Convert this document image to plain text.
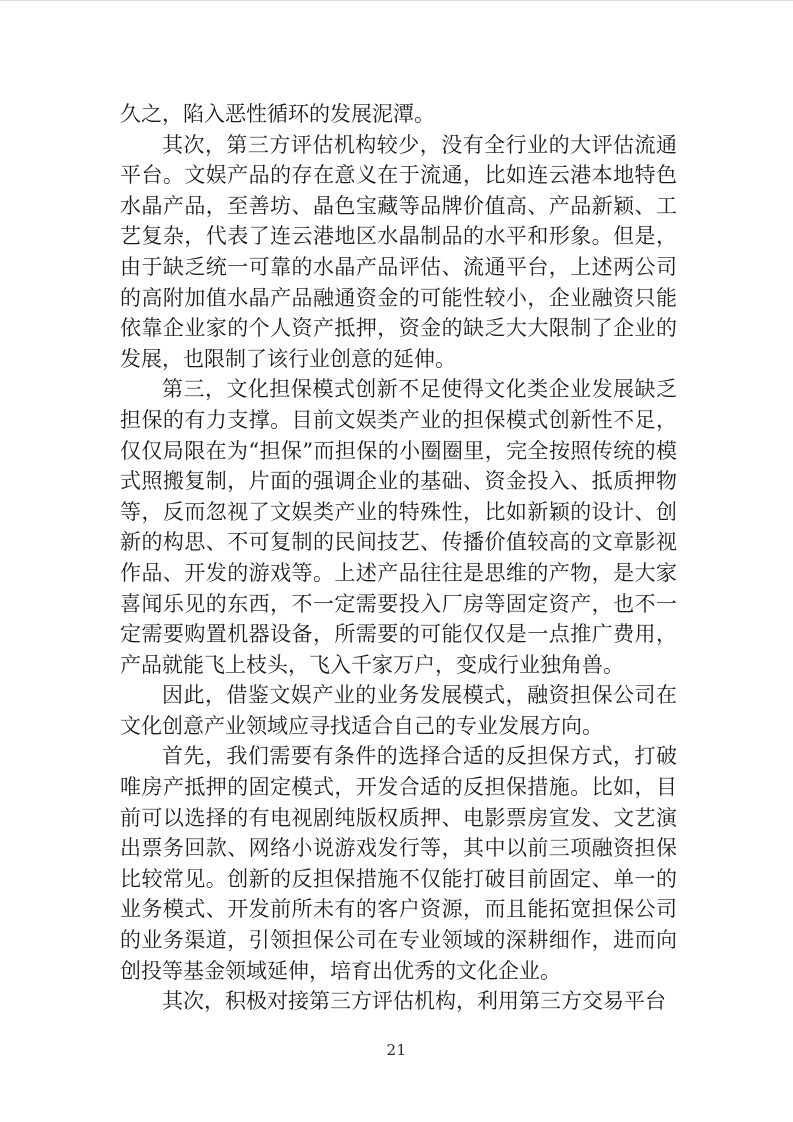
久之，陷入恶性循环的发展泥潭。

其次，第三方评估机构较少，没有全行业的大评估流通平台。文娱产品的存在意义在于流通，比如连云港本地特色水晶产品，至善坊、晶色宝藏等品牌价值高、产品新颖、工艺复杂，代表了连云港地区水晶制品的水平和形象。但是，由于缺乏统一可靠的水晶产品评估、流通平台，上述两公司的高附加值水晶产品融通资金的可能性较小，企业融资只能依靠企业家的个人资产抵押，资金的缺乏大大限制了企业的发展，也限制了该行业创意的延伸。

第三，文化担保模式创新不足使得文化类企业发展缺乏担保的有力支撑。目前文娱类产业的担保模式创新性不足，仅仅局限在为“担保”而担保的小圈圈里，完全按照传统的模式照搬复制，片面的强调企业的基础、资金投入、抵质押物等，反而忽视了文娱类产业的特殊性，比如新颖的设计、创新的构思、不可复制的民间技艺、传播价值较高的文章影视作品、开发的游戏等。上述产品往往是思维的产物，是大家喜闻乐见的东西，不一定需要投入厂房等固定资产，也不一定需要购置机器设备，所需要的可能仅仅是一点推广费用，产品就能飞上枝头，飞入千家万户，变成行业独角兽。

因此，借鉴文娱产业的业务发展模式，融资担保公司在文化创意产业领域应寻找适合自己的专业发展方向。

首先，我们需要有条件的选择合适的反担保方式，打破唯房产抵押的固定模式，开发合适的反担保措施。比如，目前可以选择的有电视剧纯版权质押、电影票房宣发、文艺演出票务回款、网络小说游戏发行等，其中以前三项融资担保比较常见。创新的反担保措施不仅能打破目前固定、单一的业务模式、开发前所未有的客户资源，而且能拓宽担保公司的业务渠道，引领担保公司在专业领域的深耕细作，进而向创投等基金领域延伸，培育出优秀的文化企业。

其次，积极对接第三方评估机构，利用第三方交易平台

21
